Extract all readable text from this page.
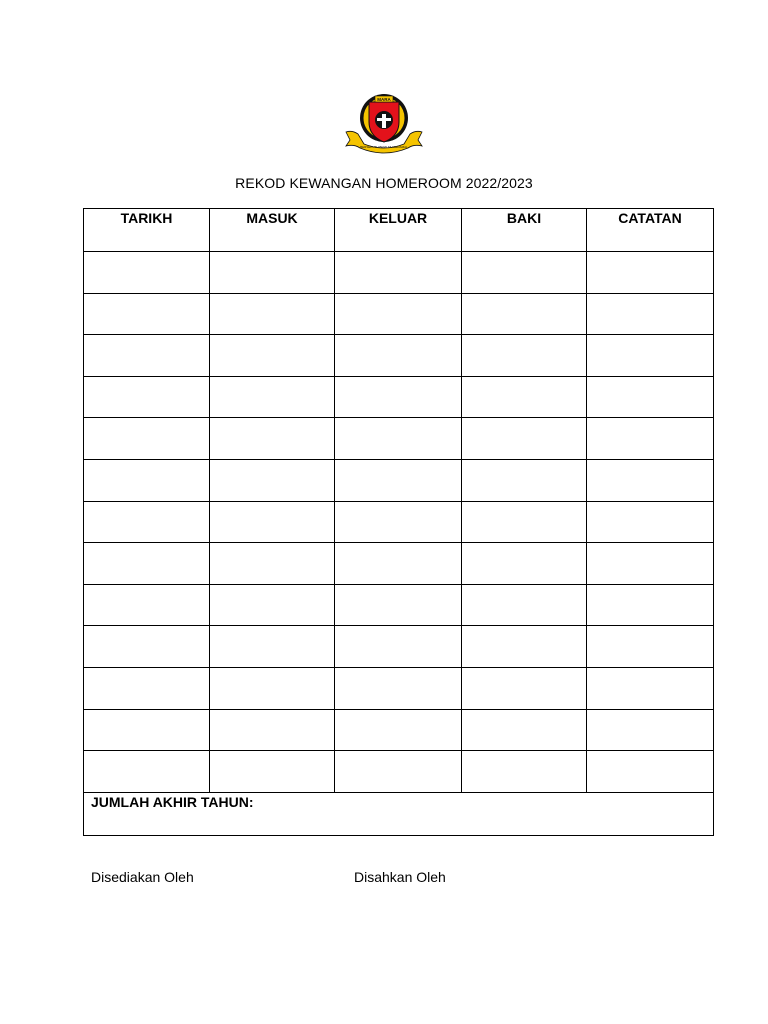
MARA
BERSEKUTU BERILMU BERAMAL
REKOD KEWANGAN HOMEROOM 2022/2023
TARIKH	MASUK	KELUAR	BAKI	CATATAN

JUMLAH AKHIR TAHUN:				
Disediakan Oleh	Disahkan Oleh
